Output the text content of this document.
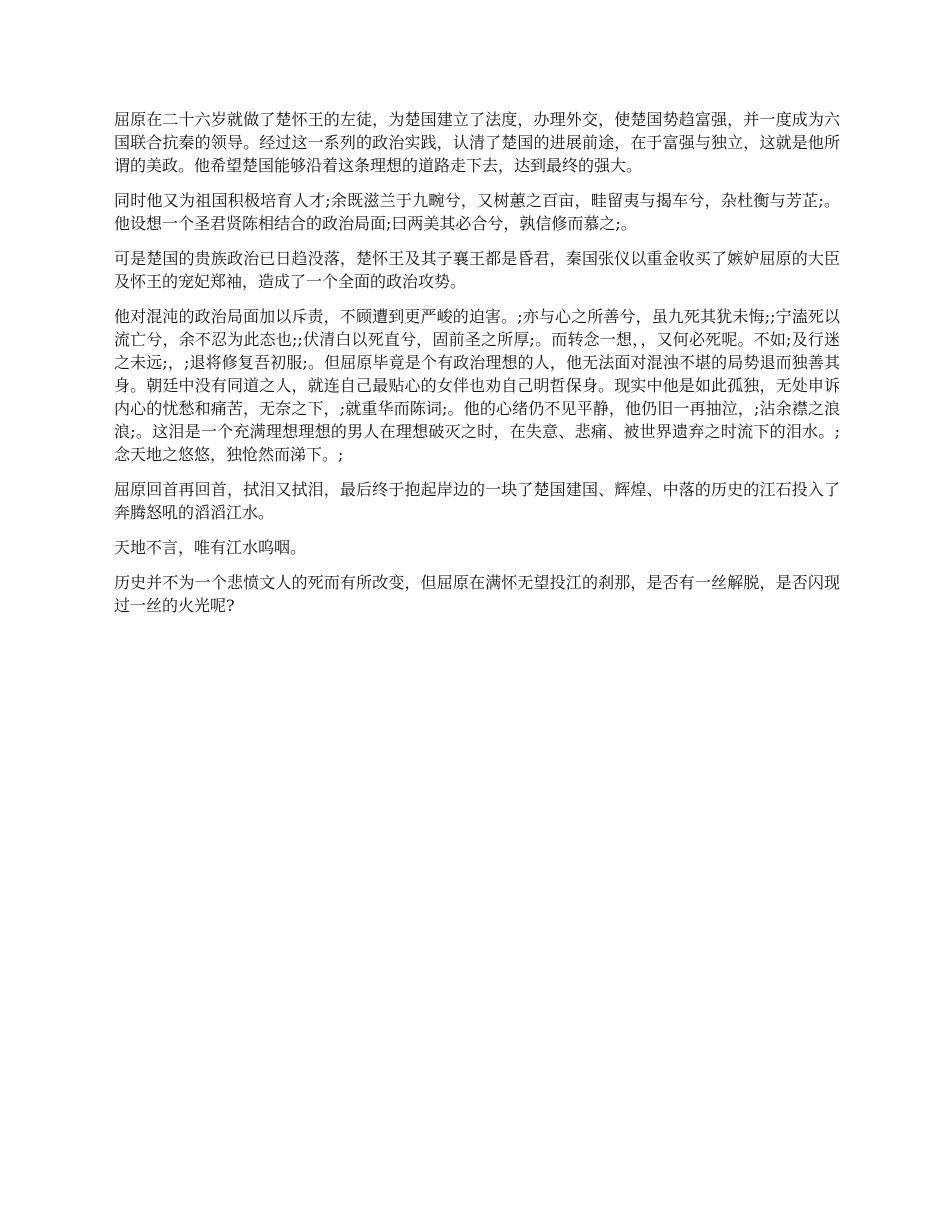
屈原在二十六岁就做了楚怀王的左徒，为楚国建立了法度，办理外交，使楚国势趋富强，并一度成为六国联合抗秦的领导。经过这一系列的政治实践，认清了楚国的进展前途，在于富强与独立，这就是他所谓的美政。他希望楚国能够沿着这条理想的道路走下去，达到最终的强大。

同时他又为祖国积极培育人才;余既滋兰于九畹兮，又树蕙之百亩，畦留夷与揭车兮，杂杜衡与芳芷;。他设想一个圣君贤陈相结合的政治局面;曰两美其必合兮，孰信修而慕之;。

可是楚国的贵族政治已日趋没落，楚怀王及其子襄王都是昏君，秦国张仪以重金收买了嫉妒屈原的大臣及怀王的宠妃郑袖，造成了一个全面的政治攻势。

他对混沌的政治局面加以斥责，不顾遭到更严峻的迫害。;亦与心之所善兮，虽九死其犹未悔;;宁溘死以流亡兮，余不忍为此态也;;伏清白以死直兮，固前圣之所厚;。而转念一想，，又何必死呢。不如;及行迷之未远;，;退将修复吾初服;。但屈原毕竟是个有政治理想的人，他无法面对混浊不堪的局势退而独善其身。朝廷中没有同道之人，就连自己最贴心的女伴也劝自己明哲保身。现实中他是如此孤独，无处申诉内心的忧愁和痛苦，无奈之下，;就重华而陈词;。他的心绪仍不见平静，他仍旧一再抽泣，;沾余襟之浪浪;。这泪是一个充满理想理想的男人在理想破灭之时，在失意、悲痛、被世界遗弃之时流下的泪水。;念天地之悠悠，独怆然而涕下。;

屈原回首再回首，拭泪又拭泪，最后终于抱起岸边的一块了楚国建国、辉煌、中落的历史的江石投入了奔腾怒吼的滔滔江水。

天地不言，唯有江水呜咽。

历史并不为一个悲愤文人的死而有所改变，但屈原在满怀无望投江的刹那，是否有一丝解脱，是否闪现过一丝的火光呢?
